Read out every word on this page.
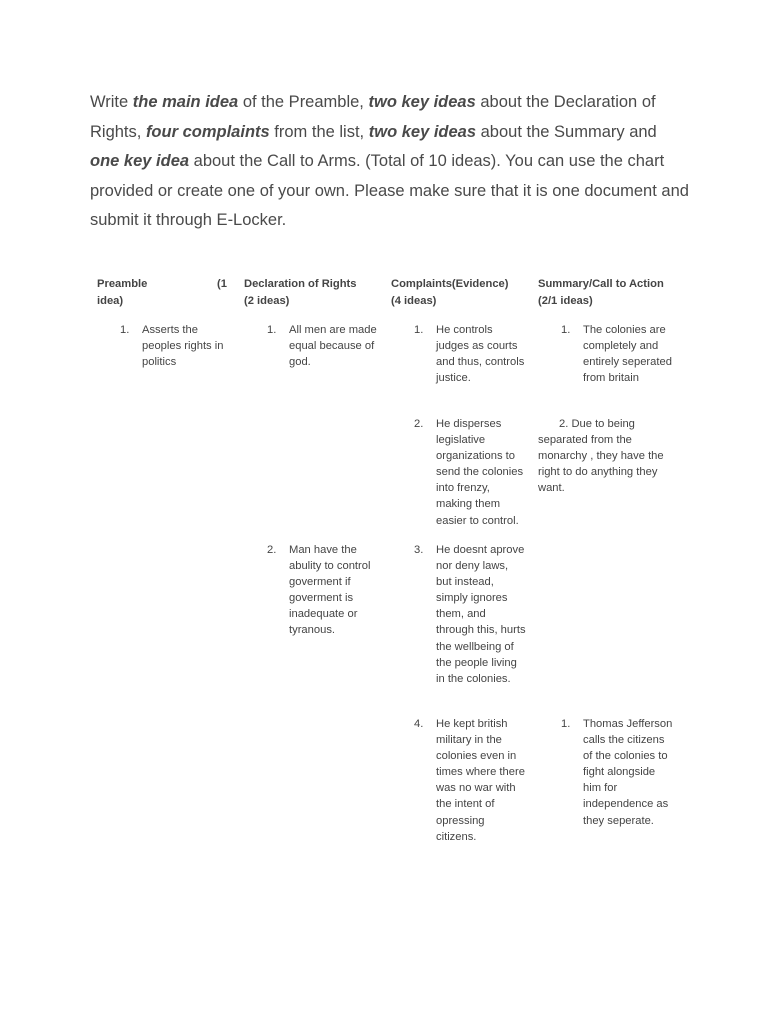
Write the main idea of the Preamble, two key ideas about the Declaration of Rights, four complaints from the list, two key ideas about the Summary and one key idea about the Call to Arms. (Total of 10 ideas). You can use the chart provided or create one of your own. Please make sure that it is one document and submit it through E-Locker.

Preamble	(1

idea)
Declaration of Rights (2 ideas)
Complaints(Evidence) (4 ideas)
Summary/Call to Action (2/1 ideas)
1. Asserts the peoples rights in politics
1. All men are made equal because of god.
2. Man have the abulity to control goverment if goverment is inadequate or tyranous.
1. He controls judges as courts and thus, controls justice.
2. He disperses legislative organizations to send the colonies into frenzy, making them easier to control.
3. He doesnt aprove nor deny laws, but instead, simply ignores them, and through this, hurts the wellbeing of the people living in the colonies.
4. He kept british military in the colonies even in times where there was no war with the intent of opressing citizens.
1. The colonies are completely and entirely seperated from britain
2. Due to being separated from the monarchy , they have the right to do anything they want.
1. Thomas Jefferson calls the citizens of the colonies to fight alongside him for independence as they seperate.
